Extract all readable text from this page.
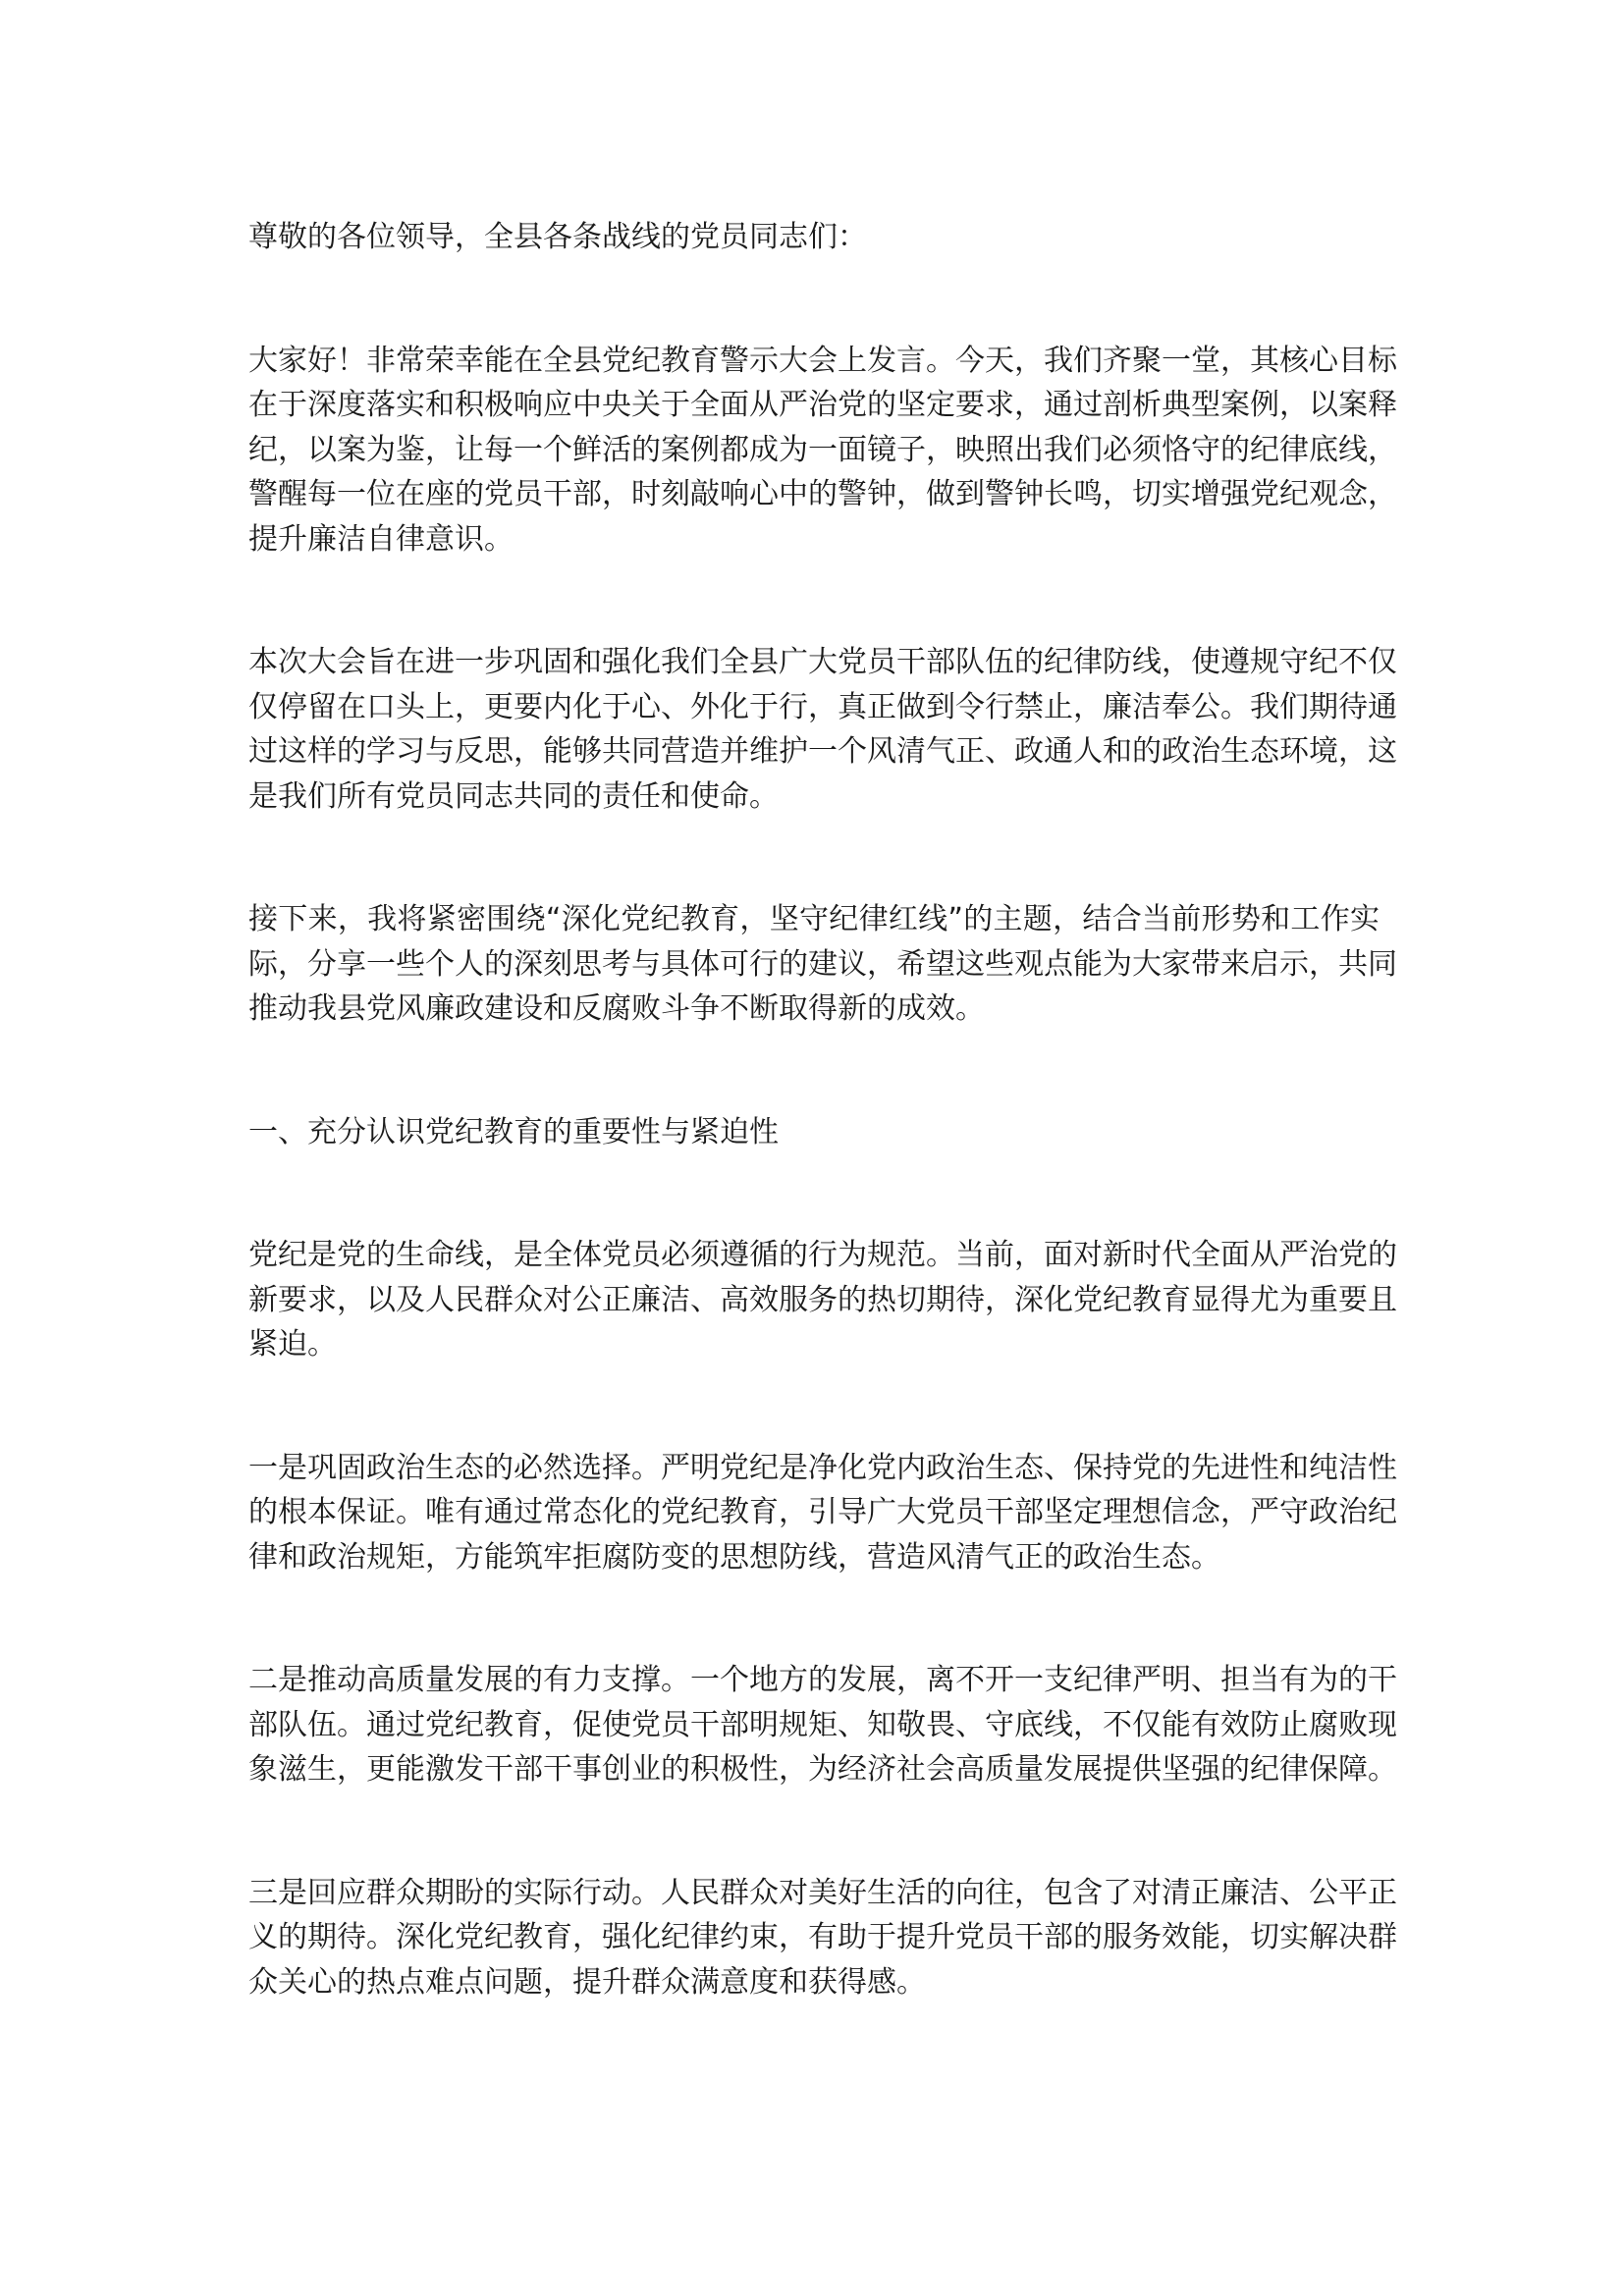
尊敬的各位领导，全县各条战线的党员同志们：
大家好！非常荣幸能在全县党纪教育警示大会上发言。今天，我们齐聚一堂，其核心目标
在于深度落实和积极响应中央关于全面从严治党的坚定要求，通过剖析典型案例，以案释
纪，以案为鉴，让每一个鲜活的案例都成为一面镜子，映照出我们必须恪守的纪律底线，
警醒每一位在座的党员干部，时刻敲响心中的警钟，做到警钟长鸣，切实增强党纪观念，
提升廉洁自律意识。
本次大会旨在进一步巩固和强化我们全县广大党员干部队伍的纪律防线，使遵规守纪不仅
仅停留在口头上，更要内化于心、外化于行，真正做到令行禁止，廉洁奉公。我们期待通
过这样的学习与反思，能够共同营造并维护一个风清气正、政通人和的政治生态环境，这
是我们所有党员同志共同的责任和使命。
接下来，我将紧密围绕“深化党纪教育，坚守纪律红线”的主题，结合当前形势和工作实
际，分享一些个人的深刻思考与具体可行的建议，希望这些观点能为大家带来启示，共同
推动我县党风廉政建设和反腐败斗争不断取得新的成效。
一、充分认识党纪教育的重要性与紧迫性
党纪是党的生命线，是全体党员必须遵循的行为规范。当前，面对新时代全面从严治党的
新要求，以及人民群众对公正廉洁、高效服务的热切期待，深化党纪教育显得尤为重要且
紧迫。
一是巩固政治生态的必然选择。严明党纪是净化党内政治生态、保持党的先进性和纯洁性
的根本保证。唯有通过常态化的党纪教育，引导广大党员干部坚定理想信念，严守政治纪
律和政治规矩，方能筑牢拒腐防变的思想防线，营造风清气正的政治生态。
二是推动高质量发展的有力支撑。一个地方的发展，离不开一支纪律严明、担当有为的干
部队伍。通过党纪教育，促使党员干部明规矩、知敬畏、守底线，不仅能有效防止腐败现
象滋生，更能激发干部干事创业的积极性，为经济社会高质量发展提供坚强的纪律保障。
三是回应群众期盼的实际行动。人民群众对美好生活的向往，包含了对清正廉洁、公平正
义的期待。深化党纪教育，强化纪律约束，有助于提升党员干部的服务效能，切实解决群
众关心的热点难点问题，提升群众满意度和获得感。
